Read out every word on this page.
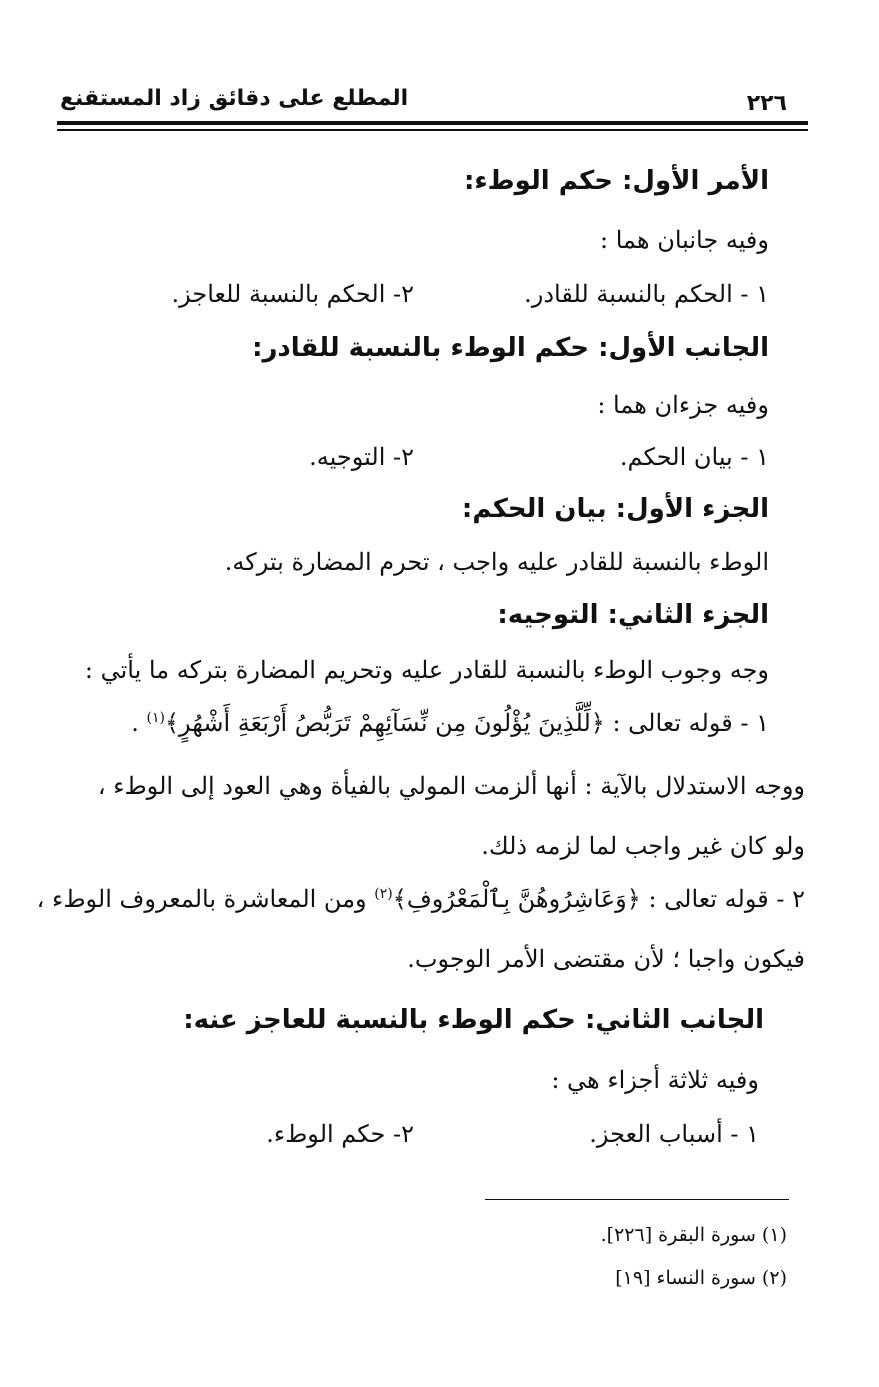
المطلع على دقائق زاد المستقنع	٢٢٦
الأمر الأول: حكم الوطء:
وفيه جانبان هما :
١ - الحكم بالنسبة للقادر.
٢- الحكم بالنسبة للعاجز.
الجانب الأول: حكم الوطء بالنسبة للقادر:
وفيه جزءان هما :
١ - بيان الحكم.
٢- التوجيه.
الجزء الأول: بيان الحكم:
الوطء بالنسبة للقادر عليه واجب ، تحرم المضارة بتركه.
الجزء الثاني: التوجيه:
وجه وجوب الوطء بالنسبة للقادر عليه وتحريم المضارة بتركه ما يأتي :
١ - قوله تعالى : ﴿لِّلَّذِينَ يُؤْلُونَ مِن نِّسَآئِهِمْ تَرَبُّصُ أَرْبَعَةِ أَشْهُرٍ﴾$^{(١)}$ .
ووجه الاستدلال بالآية : أنها ألزمت المولي بالفيأة وهي العود إلى الوطء ،
ولو كان غير واجب لما لزمه ذلك.
٢ - قوله تعالى : ﴿وَعَاشِرُوهُنَّ بِٱلْمَعْرُوفِ﴾$^{(٢)}$ ومن المعاشرة بالمعروف الوطء ،
فيكون واجبا ؛ لأن مقتضى الأمر الوجوب.
الجانب الثاني: حكم الوطء بالنسبة للعاجز عنه:
وفيه ثلاثة أجزاء هي :
١ - أسباب العجز.
٢- حكم الوطء.
(١) سورة البقرة [٢٢٦].
(٢) سورة النساء [١٩]
